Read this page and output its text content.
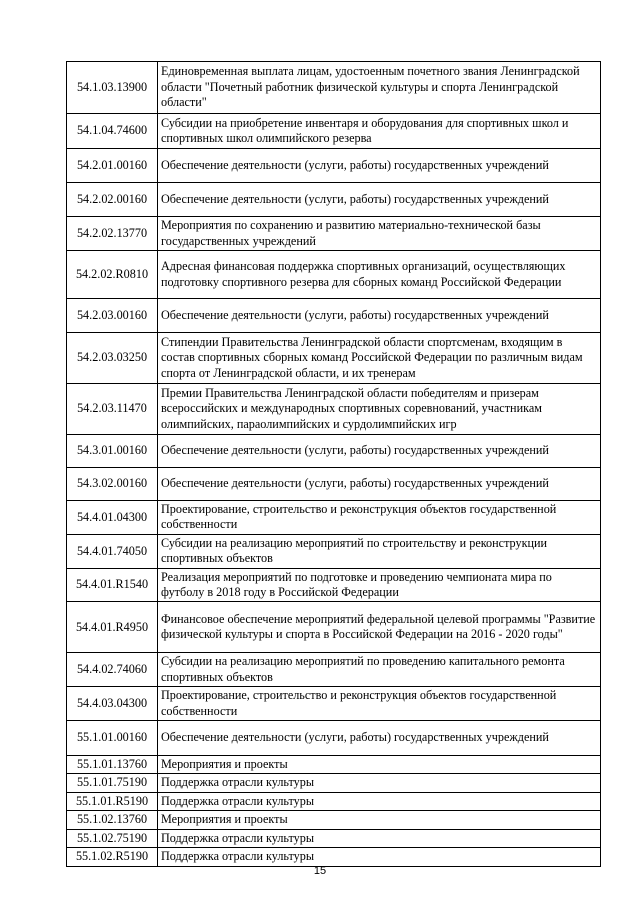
54.1.03.13900	Единовременная выплата лицам, удостоенным почетного звания Ленинградской области "Почетный работник физической культуры и спорта Ленинградской области"
54.1.04.74600	Субсидии на приобретение инвентаря и оборудования для спортивных школ и спортивных школ олимпийского резерва
54.2.01.00160	Обеспечение деятельности (услуги, работы) государственных учреждений
54.2.02.00160	Обеспечение деятельности (услуги, работы) государственных учреждений
54.2.02.13770	Мероприятия по сохранению и развитию материально-технической базы государственных учреждений
54.2.02.R0810	Адресная финансовая поддержка спортивных организаций, осуществляющих подготовку спортивного резерва для сборных команд Российской Федерации
54.2.03.00160	Обеспечение деятельности (услуги, работы) государственных учреждений
54.2.03.03250	Стипендии Правительства Ленинградской области спортсменам, входящим в состав спортивных сборных команд Российской Федерации по различным видам спорта от Ленинградской области, и их тренерам
54.2.03.11470	Премии Правительства Ленинградской области победителям и призерам всероссийских и международных спортивных соревнований, участникам олимпийских, параолимпийских и сурдолимпийских игр
54.3.01.00160	Обеспечение деятельности (услуги, работы) государственных учреждений
54.3.02.00160	Обеспечение деятельности (услуги, работы) государственных учреждений
54.4.01.04300	Проектирование, строительство и реконструкция объектов государственной собственности
54.4.01.74050	Субсидии на реализацию мероприятий по строительству и реконструкции спортивных объектов
54.4.01.R1540	Реализация мероприятий по подготовке и проведению чемпионата мира по футболу в 2018 году в Российской Федерации
54.4.01.R4950	Финансовое обеспечение мероприятий федеральной целевой программы "Развитие физической культуры и спорта в Российской Федерации на 2016 - 2020 годы"
54.4.02.74060	Субсидии на реализацию мероприятий по проведению капитального ремонта спортивных объектов
54.4.03.04300	Проектирование, строительство и реконструкция объектов государственной собственности
55.1.01.00160	Обеспечение деятельности (услуги, работы) государственных учреждений
55.1.01.13760	Мероприятия и проекты
55.1.01.75190	Поддержка отрасли культуры
55.1.01.R5190	Поддержка отрасли культуры
55.1.02.13760	Мероприятия и проекты
55.1.02.75190	Поддержка отрасли культуры
55.1.02.R5190	Поддержка отрасли культуры
15
